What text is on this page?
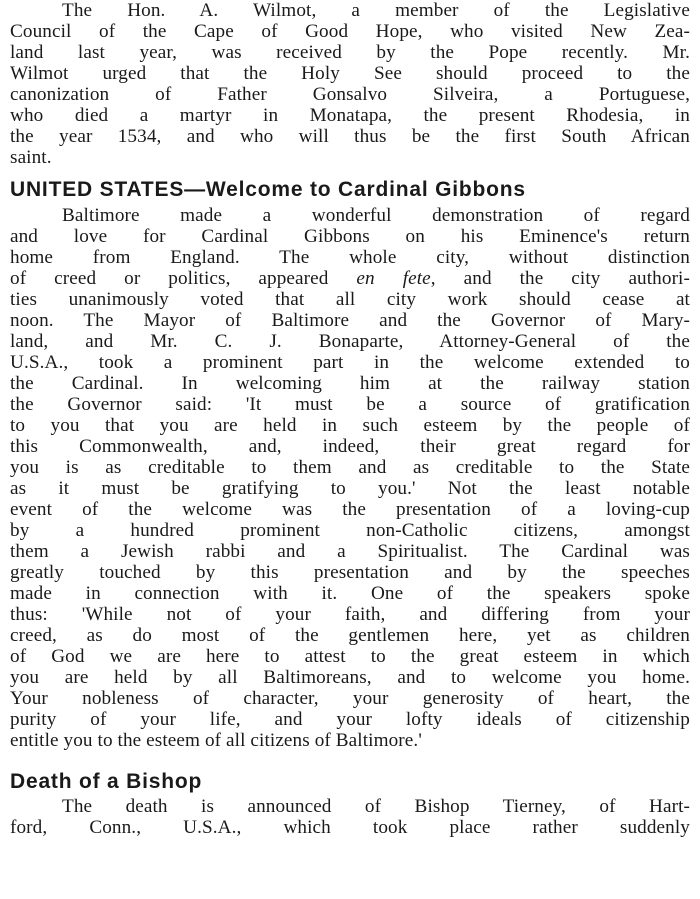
The Hon. A. Wilmot, a member of the Legislative
Council of the Cape of Good Hope, who visited New Zea-
land last year, was received by the Pope recently. Mr.
Wilmot urged that the Holy See should proceed to the
canonization of Father Gonsalvo Silveira, a Portuguese,
who died a martyr in Monatapa, the present Rhodesia, in
the year 1534, and who will thus be the first South African
saint.
UNITED STATES—Welcome to Cardinal Gibbons
Baltimore made a wonderful demonstration of regard
and love for Cardinal Gibbons on his Eminence's return
home from England. The whole city, without distinction
of creed or politics, appeared en fete, and the city authori-
ties unanimously voted that all city work should cease at
noon. The Mayor of Baltimore and the Governor of Mary-
land, and Mr. C. J. Bonaparte, Attorney-General of the
U.S.A., took a prominent part in the welcome extended to
the Cardinal. In welcoming him at the railway station
the Governor said: 'It must be a source of gratification
to you that you are held in such esteem by the people of
this Commonwealth, and, indeed, their great regard for
you is as creditable to them and as creditable to the State
as it must be gratifying to you.' Not the least notable
event of the welcome was the presentation of a loving-cup
by a hundred prominent non-Catholic citizens, amongst
them a Jewish rabbi and a Spiritualist. The Cardinal was
greatly touched by this presentation and by the speeches
made in connection with it. One of the speakers spoke
thus: 'While not of your faith, and differing from your
creed, as do most of the gentlemen here, yet as children
of God we are here to attest to the great esteem in which
you are held by all Baltimoreans, and to welcome you home.
Your nobleness of character, your generosity of heart, the
purity of your life, and your lofty ideals of citizenship
entitle you to the esteem of all citizens of Baltimore.'
Death of a Bishop
The death is announced of Bishop Tierney, of Hart-
ford, Conn., U.S.A., which took place rather suddenly
